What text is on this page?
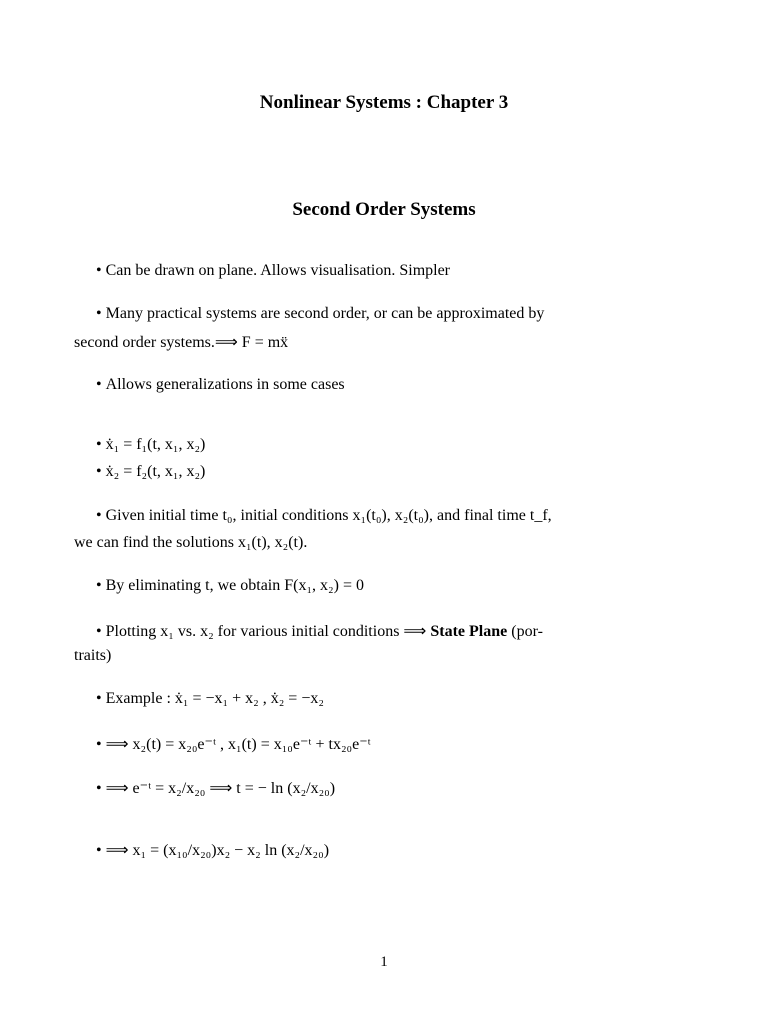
Nonlinear Systems : Chapter 3
Second Order Systems
• Can be drawn on plane. Allows visualisation. Simpler
• Many practical systems are second order, or can be approximated by
second order systems.⟹ F = mẍ
• Allows generalizations in some cases
• ẋ₁ = f₁(t, x₁, x₂)
• ẋ₂ = f₂(t, x₁, x₂)
• Given initial time t₀, initial conditions x₁(t₀), x₂(t₀), and final time t_f,
we can find the solutions x₁(t), x₂(t).
• By eliminating t, we obtain F(x₁, x₂) = 0
• Plotting x₁ vs. x₂ for various initial conditions ⟹ State Plane (por-
traits)
• Example : ẋ₁ = −x₁ + x₂ , ẋ₂ = −x₂
• ⟹ x₂(t) = x₂₀e⁻ᵗ , x₁(t) = x₁₀e⁻ᵗ + tx₂₀e⁻ᵗ
• ⟹ e⁻ᵗ = x₂/x₂₀ ⟹ t = − ln (x₂/x₂₀)
• ⟹ x₁ = (x₁₀/x₂₀)x₂ − x₂ ln (x₂/x₂₀)
1
